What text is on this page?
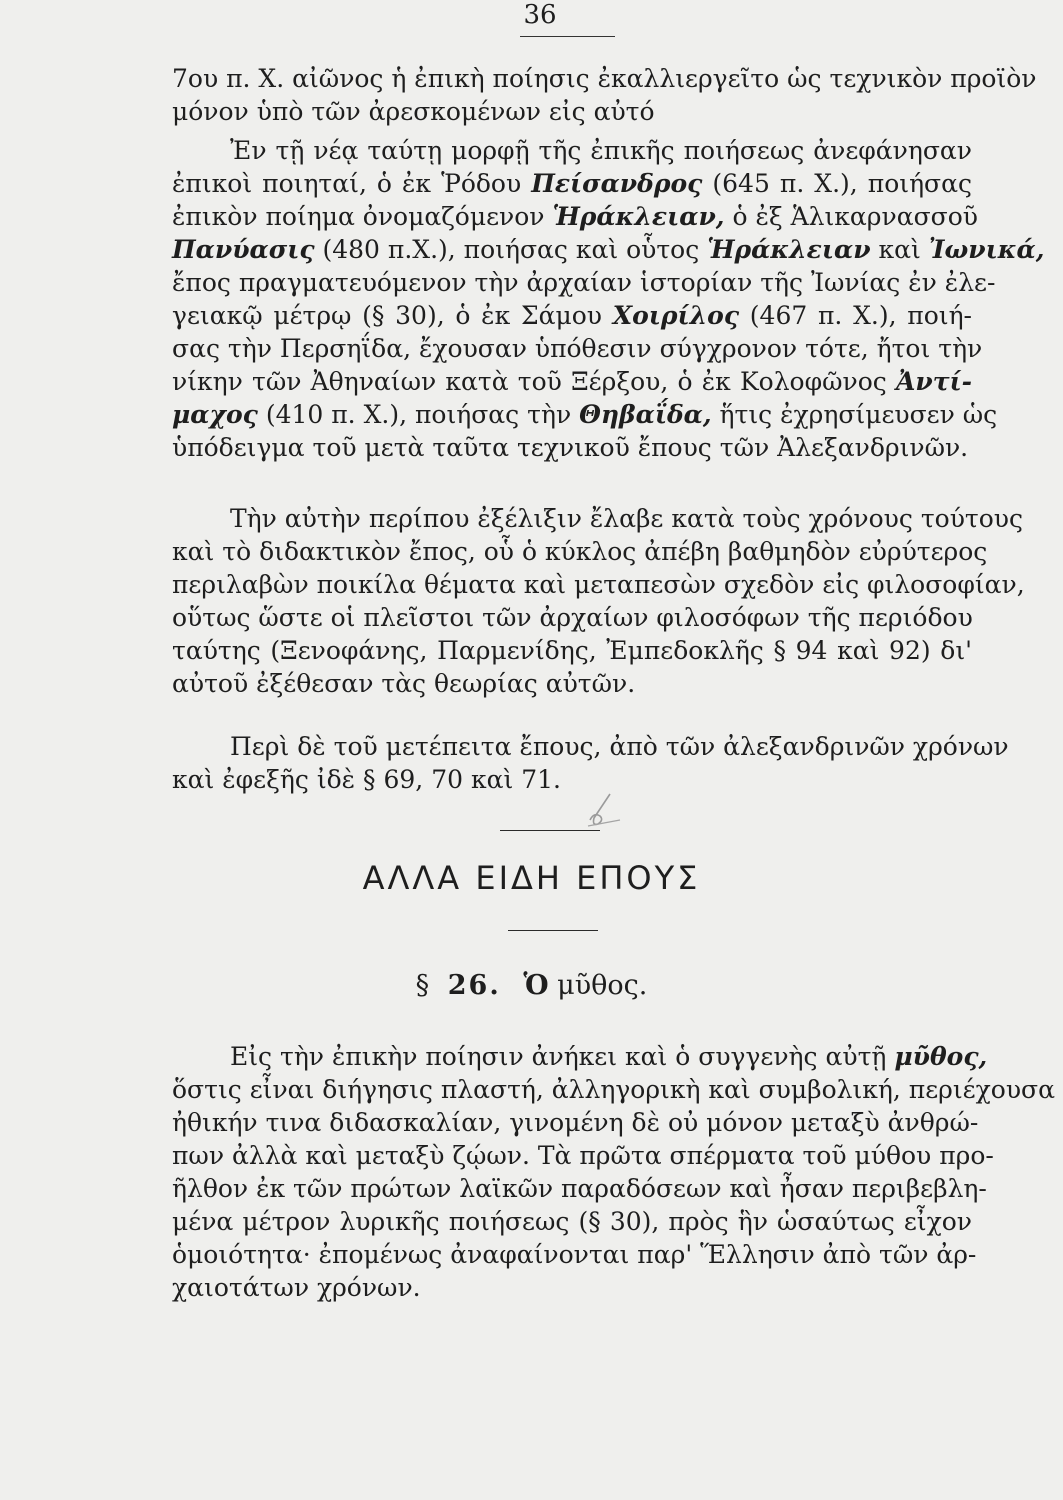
36
7ου π. Χ. αἰῶνος ἡ ἐπικὴ ποίησις ἐκαλλιεργεῖτο ὡς τεχνικὸν προϊὸν
μόνον ὑπὸ τῶν ἀρεσκομένων εἰς αὐτό
Ἐν τῇ νέᾳ ταύτῃ μορφῇ τῆς ἐπικῆς ποιήσεως ἀνεφάνησαν
ἐπικοὶ ποιηταί, ὁ ἐκ Ῥόδου Πείσανδρος (645 π. Χ.), ποιήσας
ἐπικὸν ποίημα ὀνομαζόμενον Ἡράκλειαν, ὁ ἐξ Ἁλικαρνασσοῦ
Πανύασις (480 π.Χ.), ποιήσας καὶ οὗτος Ἡράκλειαν καὶ Ἰωνικά,
ἔπος πραγματευόμενον τὴν ἀρχαίαν ἱστορίαν τῆς Ἰωνίας ἐν ἐλε-
γειακῷ μέτρῳ (§ 30), ὁ ἐκ Σάμου Χοιρίλος (467 π. Χ.), ποιή-
σας τὴν Περσηΐδα, ἔχουσαν ὑπόθεσιν σύγχρονον τότε, ἤτοι τὴν
νίκην τῶν Ἀθηναίων κατὰ τοῦ Ξέρξου, ὁ ἐκ Κολοφῶνος Ἀντί-
μαχος (410 π. Χ.), ποιήσας τὴν Θηβαΐδα, ἥτις ἐχρησίμευσεν ὡς
ὑπόδειγμα τοῦ μετὰ ταῦτα τεχνικοῦ ἔπους τῶν Ἀλεξανδρινῶν.
Τὴν αὐτὴν περίπου ἐξέλιξιν ἔλαβε κατὰ τοὺς χρόνους τούτους
καὶ τὸ διδακτικὸν ἔπος, οὗ ὁ κύκλος ἀπέβη βαθμηδὸν εὐρύτερος
περιλαβὼν ποικίλα θέματα καὶ μεταπεσὼν σχεδὸν εἰς φιλοσοφίαν,
οὕτως ὥστε οἱ πλεῖστοι τῶν ἀρχαίων φιλοσόφων τῆς περιόδου
ταύτης (Ξενοφάνης, Παρμενίδης, Ἐμπεδοκλῆς § 94 καὶ 92) δι'
αὐτοῦ ἐξέθεσαν τὰς θεωρίας αὐτῶν.
Περὶ δὲ τοῦ μετέπειτα ἔπους, ἀπὸ τῶν ἀλεξανδρινῶν χρόνων
καὶ ἐφεξῆς ἰδὲ § 69, 70 καὶ 71.
ΑΛΛΑ ΕΙΔΗ ΕΠΟΥΣ
§ 26. Ὁ μῦθος.
Εἰς τὴν ἐπικὴν ποίησιν ἀνήκει καὶ ὁ συγγενὴς αὐτῇ μῦθος,
ὅστις εἶναι διήγησις πλαστή, ἀλληγορικὴ καὶ συμβολική, περιέχουσα
ἠθικήν τινα διδασκαλίαν, γινομένη δὲ οὐ μόνον μεταξὺ ἀνθρώ-
πων ἀλλὰ καὶ μεταξὺ ζῴων. Τὰ πρῶτα σπέρματα τοῦ μύθου προ-
ῆλθον ἐκ τῶν πρώτων λαϊκῶν παραδόσεων καὶ ἦσαν περιβεβλη-
μένα μέτρον λυρικῆς ποιήσεως (§ 30), πρὸς ἣν ὡσαύτως εἶχον
ὁμοιότητα· ἐπομένως ἀναφαίνονται παρ' Ἕλλησιν ἀπὸ τῶν ἀρ-
χαιοτάτων χρόνων.
